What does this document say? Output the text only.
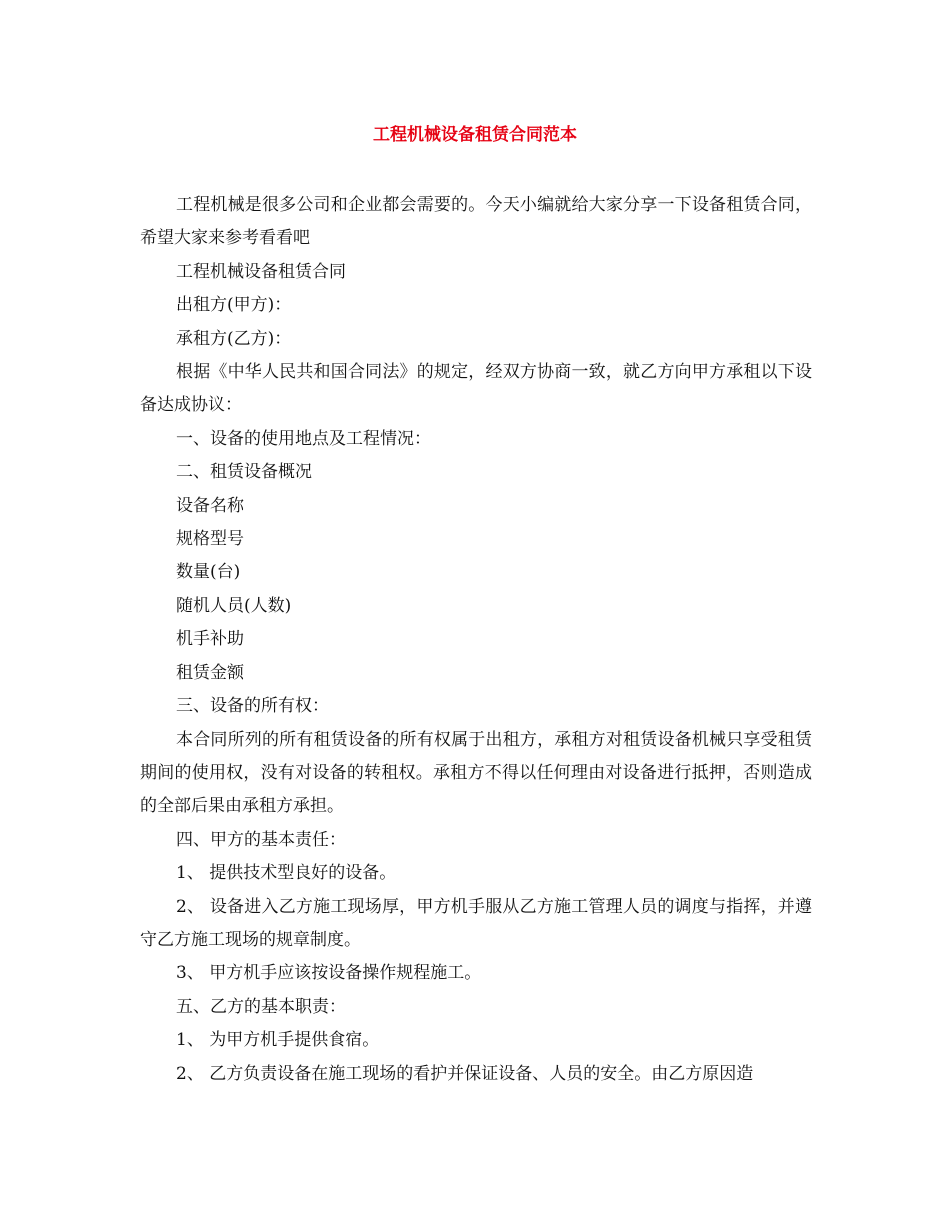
工程机械设备租赁合同范本

工程机械是很多公司和企业都会需要的。今天小编就给大家分享一下设备租赁合同，希望大家来参考看看吧

工程机械设备租赁合同

出租方(甲方)：

承租方(乙方)：

根据《中华人民共和国合同法》的规定，经双方协商一致，就乙方向甲方承租以下设备达成协议：

一、设备的使用地点及工程情况：

二、租赁设备概况

设备名称

规格型号

数量(台)

随机人员(人数)

机手补助

租赁金额

三、设备的所有权：

本合同所列的所有租赁设备的所有权属于出租方，承租方对租赁设备机械只享受租赁期间的使用权，没有对设备的转租权。承租方不得以任何理由对设备进行抵押，否则造成的全部后果由承租方承担。

四、甲方的基本责任：

1、 提供技术型良好的设备。

2、 设备进入乙方施工现场厚，甲方机手服从乙方施工管理人员的调度与指挥，并遵守乙方施工现场的规章制度。

3、 甲方机手应该按设备操作规程施工。

五、乙方的基本职责：

1、 为甲方机手提供食宿。

2、 乙方负责设备在施工现场的看护并保证设备、人员的安全。由乙方原因造
